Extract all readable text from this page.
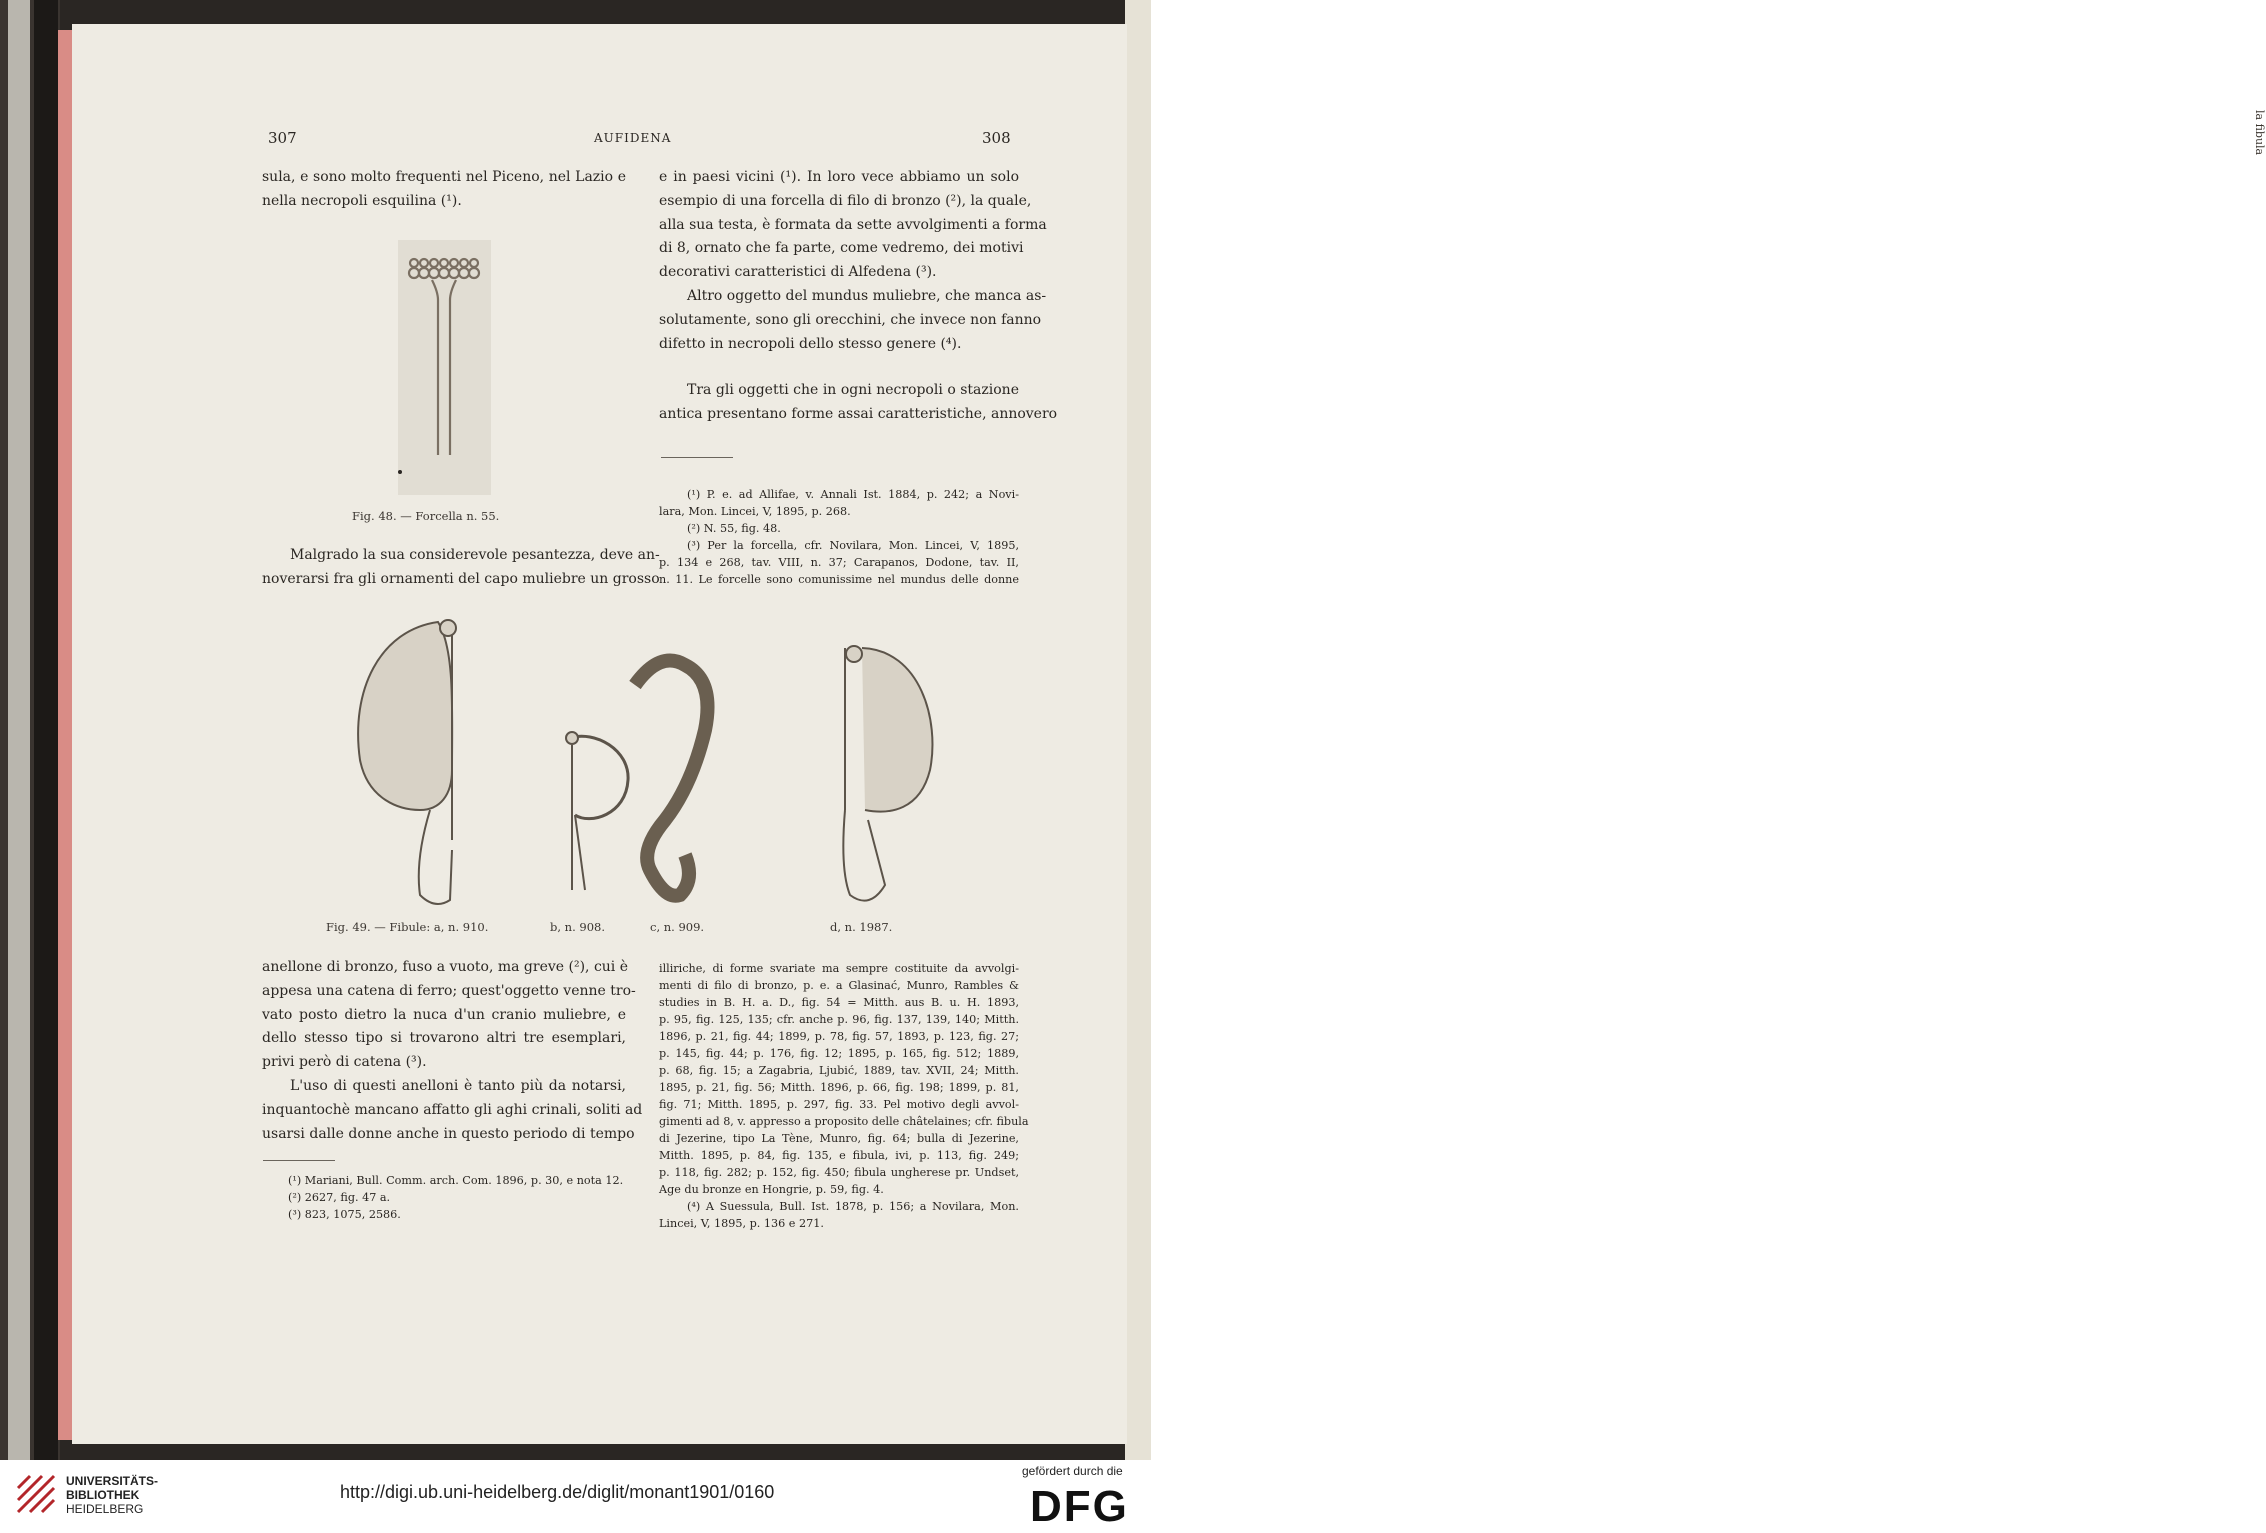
la fibula
307	AUFIDENA	308
sula, e sono molto frequenti nel Piceno, nel Lazio e
nella necropoli esquilina (¹).
Fig. 48. — Forcella n. 55.
Malgrado la sua considerevole pesantezza, deve an-
noverarsi fra gli ornamenti del capo muliebre un grosso
e in paesi vicini (¹). In loro vece abbiamo un solo
esempio di una forcella di filo di bronzo (²), la quale,
alla sua testa, è formata da sette avvolgimenti a forma
di 8, ornato che fa parte, come vedremo, dei motivi
decorativi caratteristici di Alfedena (³).
Altro oggetto del mundus muliebre, che manca as-
solutamente, sono gli orecchini, che invece non fanno
difetto in necropoli dello stesso genere (⁴).
Tra gli oggetti che in ogni necropoli o stazione
antica presentano forme assai caratteristiche, annovero
(¹) P. e. ad Allifae, v. Annali Ist. 1884, p. 242; a Novi-
lara, Mon. Lincei, V, 1895, p. 268.
(²) N. 55, fig. 48.
(³) Per la forcella, cfr. Novilara, Mon. Lincei, V, 1895,
p. 134 e 268, tav. VIII, n. 37; Carapanos, Dodone, tav. II,
n. 11. Le forcelle sono comunissime nel mundus delle donne
Fig. 49. — Fibule: a, n. 910.	b, n. 908.	c, n. 909.	d, n. 1987.
anellone di bronzo, fuso a vuoto, ma greve (²), cui è
appesa una catena di ferro; quest'oggetto venne tro-
vato posto dietro la nuca d'un cranio muliebre, e
dello stesso tipo si trovarono altri tre esemplari,
privi però di catena (³).
L'uso di questi anelloni è tanto più da notarsi,
inquantochè mancano affatto gli aghi crinali, soliti ad
usarsi dalle donne anche in questo periodo di tempo
(¹) Mariani, Bull. Comm. arch. Com. 1896, p. 30, e nota 12.
(²) 2627, fig. 47 a.
(³) 823, 1075, 2586.
illiriche, di forme svariate ma sempre costituite da avvolgi-
menti di filo di bronzo, p. e. a Glasinać, Munro, Rambles &
studies in B. H. a. D., fig. 54 = Mitth. aus B. u. H. 1893,
p. 95, fig. 125, 135; cfr. anche p. 96, fig. 137, 139, 140; Mitth.
1896, p. 21, fig. 44; 1899, p. 78, fig. 57, 1893, p. 123, fig. 27;
p. 145, fig. 44; p. 176, fig. 12; 1895, p. 165, fig. 512; 1889,
p. 68, fig. 15; a Zagabria, Ljubić, 1889, tav. XVII, 24; Mitth.
1895, p. 21, fig. 56; Mitth. 1896, p. 66, fig. 198; 1899, p. 81,
fig. 71; Mitth. 1895, p. 297, fig. 33. Pel motivo degli avvol-
gimenti ad 8, v. appresso a proposito delle châtelaines; cfr. fibula
di Jezerine, tipo La Tène, Munro, fig. 64; bulla di Jezerine,
Mitth. 1895, p. 84, fig. 135, e fibula, ivi, p. 113, fig. 249;
p. 118, fig. 282; p. 152, fig. 450; fibula ungherese pr. Undset,
Age du bronze en Hongrie, p. 59, fig. 4.
(⁴) A Suessula, Bull. Ist. 1878, p. 156; a Novilara, Mon.
Lincei, V, 1895, p. 136 e 271.
UNIVERSITÄTS-
BIBLIOTHEK
HEIDELBERG
http://digi.ub.uni-heidelberg.de/diglit/monant1901/0160
gefördert durch die
DFG
